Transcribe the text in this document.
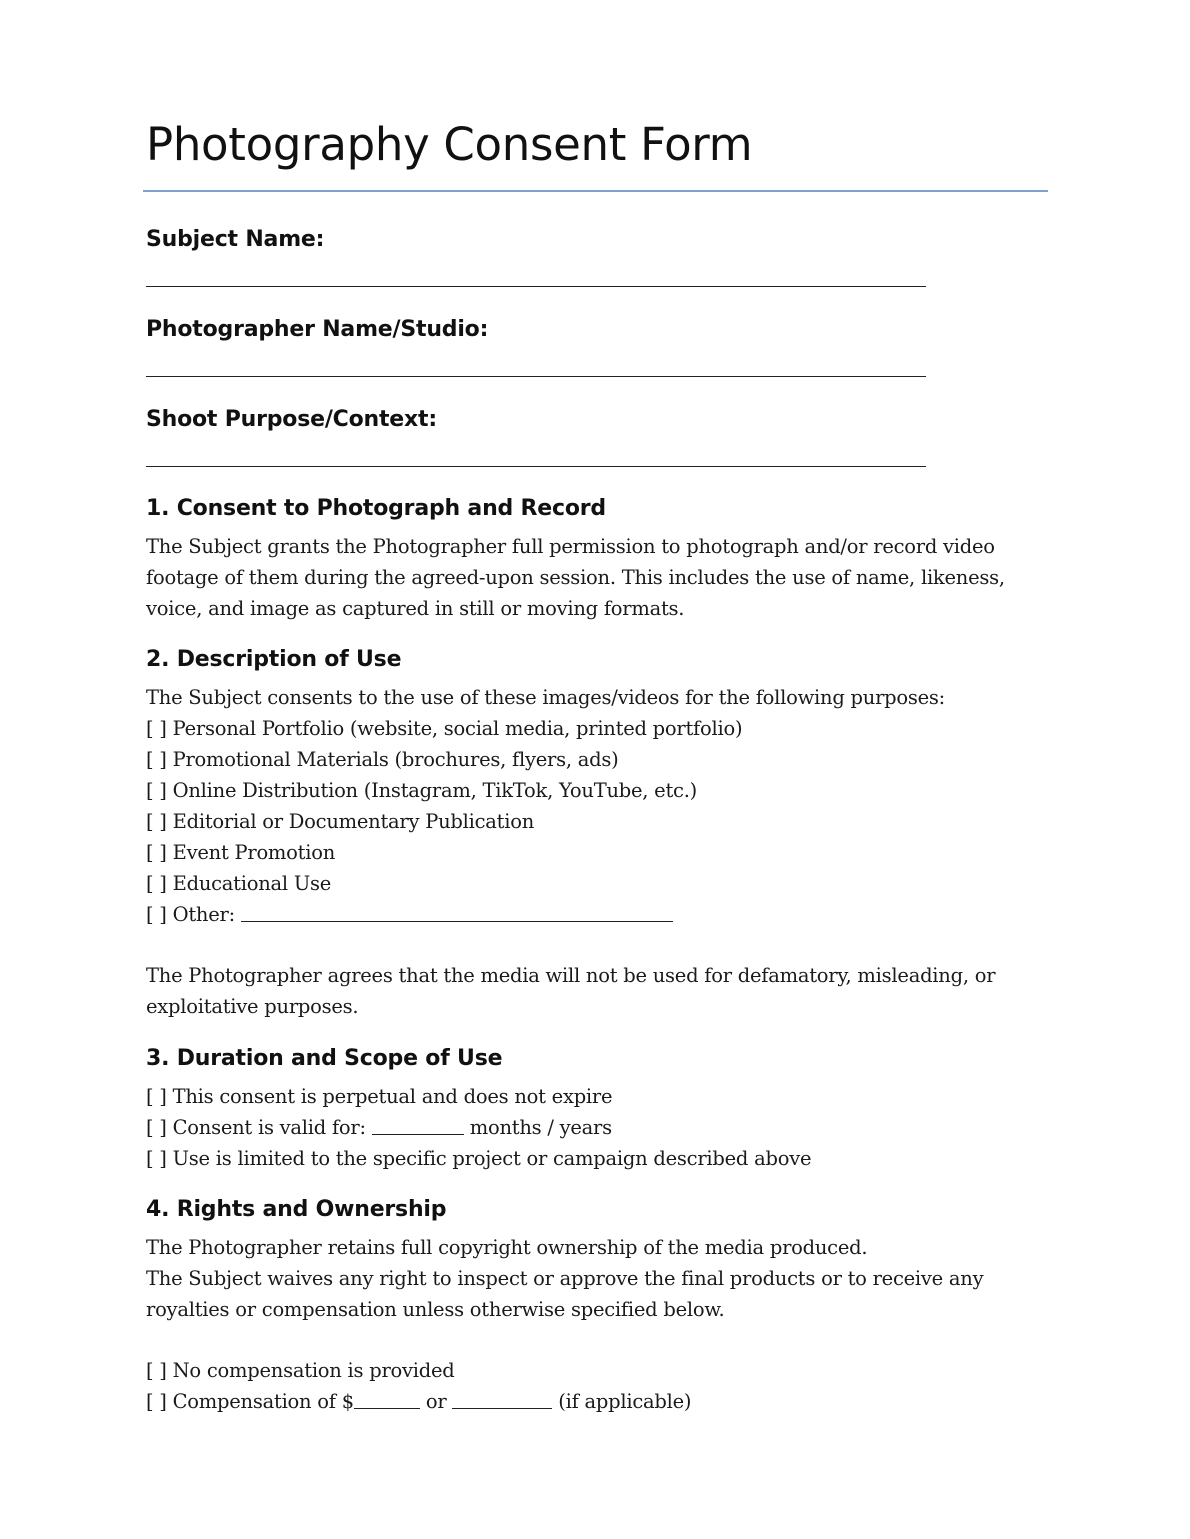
Photography Consent Form
Subject Name:
Photographer Name/Studio:
Shoot Purpose/Context:
1. Consent to Photograph and Record
The Subject grants the Photographer full permission to photograph and/or record video
footage of them during the agreed-upon session. This includes the use of name, likeness,
voice, and image as captured in still or moving formats.
2. Description of Use
The Subject consents to the use of these images/videos for the following purposes:
[ ] Personal Portfolio (website, social media, printed portfolio)
[ ] Promotional Materials (brochures, flyers, ads)
[ ] Online Distribution (Instagram, TikTok, YouTube, etc.)
[ ] Editorial or Documentary Publication
[ ] Event Promotion
[ ] Educational Use
[ ] Other:
The Photographer agrees that the media will not be used for defamatory, misleading, or
exploitative purposes.
3. Duration and Scope of Use
[ ] This consent is perpetual and does not expire
[ ] Consent is valid for:	months / years
[ ] Use is limited to the specific project or campaign described above
4. Rights and Ownership
The Photographer retains full copyright ownership of the media produced.
The Subject waives any right to inspect or approve the final products or to receive any
royalties or compensation unless otherwise specified below.
[ ] No compensation is provided
[ ] Compensation of $	or	(if applicable)
